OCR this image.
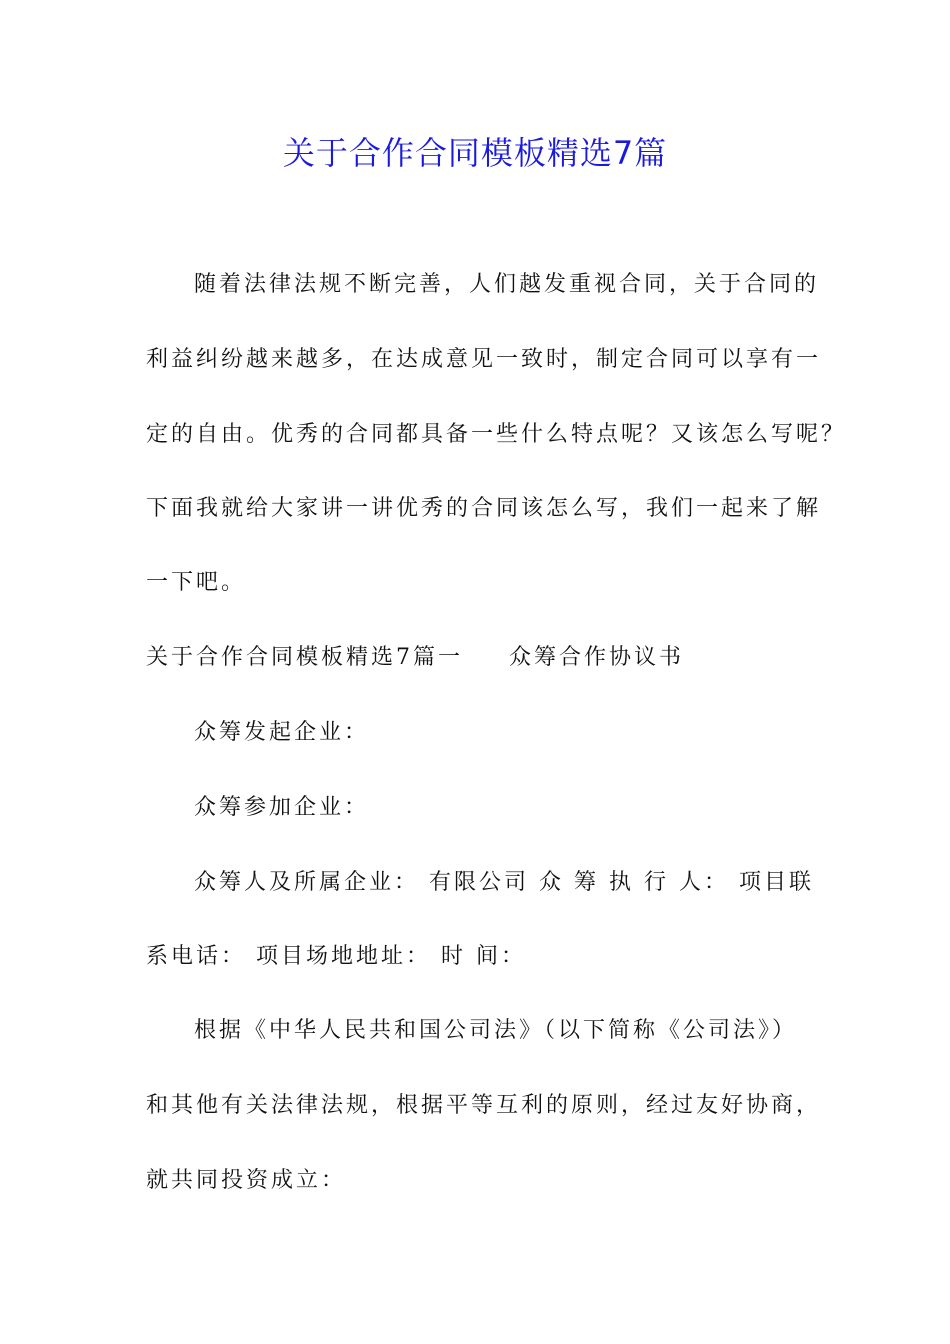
关于合作合同模板精选7篇
随着法律法规不断完善，人们越发重视合同，关于合同的
利益纠纷越来越多，在达成意见一致时，制定合同可以享有一
定的自由。优秀的合同都具备一些什么特点呢？又该怎么写呢？
下面我就给大家讲一讲优秀的合同该怎么写，我们一起来了解
一下吧。
关于合作合同模板精选7篇一 众筹合作协议书
众筹发起企业：
众筹参加企业：
众筹人及所属企业： 有限公司 众 筹 执 行 人： 项目联
系电话： 项目场地地址： 时 间：
根据《中华人民共和国公司法》（以下简称《公司法》）
和其他有关法律法规，根据平等互利的原则，经过友好协商，
就共同投资成立：
